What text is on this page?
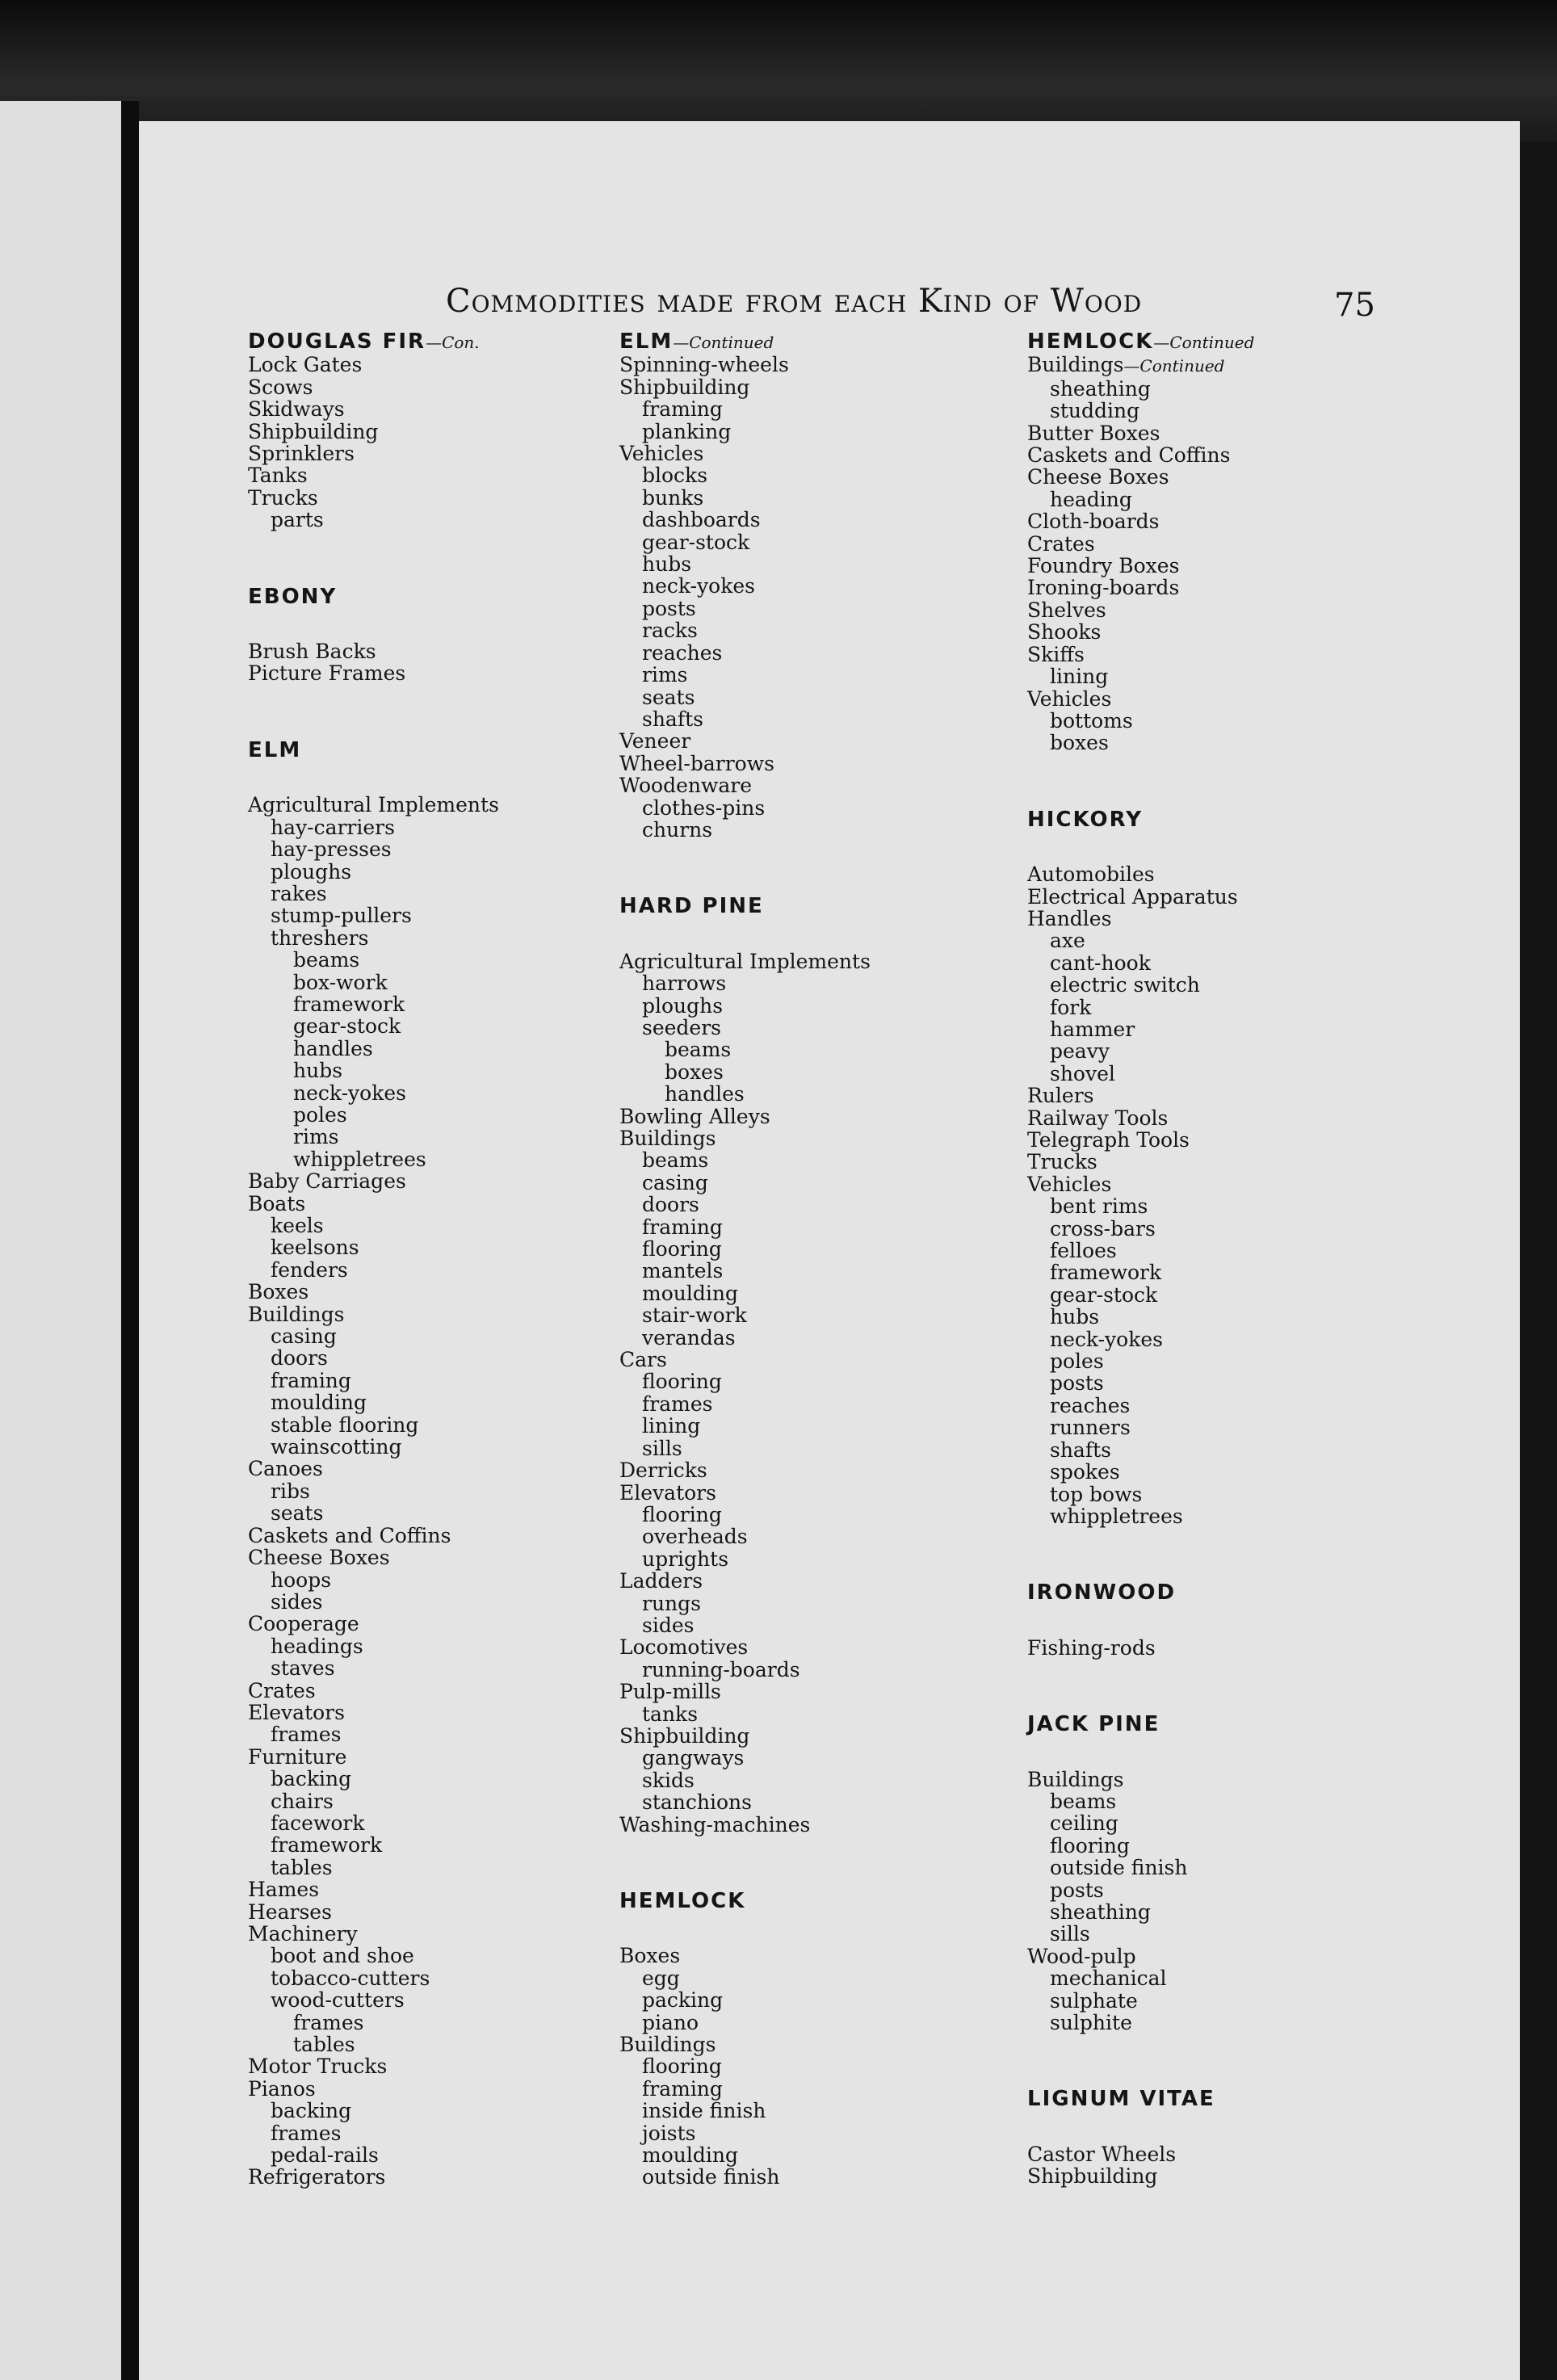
Commodities made from each Kind of Wood	75
DOUGLAS FIR—Con.
Lock Gates
Scows
Skidways
Shipbuilding
Sprinklers
Tanks
Trucks
parts
EBONY
Brush Backs
Picture Frames
ELM
Agricultural Implements
hay-carriers
hay-presses
ploughs
rakes
stump-pullers
threshers
beams
box-work
framework
gear-stock
handles
hubs
neck-yokes
poles
rims
whippletrees
Baby Carriages
Boats
keels
keelsons
fenders
Boxes
Buildings
casing
doors
framing
moulding
stable flooring
wainscotting
Canoes
ribs
seats
Caskets and Coffins
Cheese Boxes
hoops
sides
Cooperage
headings
staves
Crates
Elevators
frames
Furniture
backing
chairs
facework
framework
tables
Hames
Hearses
Machinery
boot and shoe
tobacco-cutters
wood-cutters
frames
tables
Motor Trucks
Pianos
backing
frames
pedal-rails
Refrigerators
ELM—Continued
Spinning-wheels
Shipbuilding
framing
planking
Vehicles
blocks
bunks
dashboards
gear-stock
hubs
neck-yokes
posts
racks
reaches
rims
seats
shafts
Veneer
Wheel-barrows
Woodenware
clothes-pins
churns
HARD PINE
Agricultural Implements
harrows
ploughs
seeders
beams
boxes
handles
Bowling Alleys
Buildings
beams
casing
doors
framing
flooring
mantels
moulding
stair-work
verandas
Cars
flooring
frames
lining
sills
Derricks
Elevators
flooring
overheads
uprights
Ladders
rungs
sides
Locomotives
running-boards
Pulp-mills
tanks
Shipbuilding
gangways
skids
stanchions
Washing-machines
HEMLOCK
Boxes
egg
packing
piano
Buildings
flooring
framing
inside finish
joists
moulding
outside finish
HEMLOCK—Continued
Buildings—Continued
sheathing
studding
Butter Boxes
Caskets and Coffins
Cheese Boxes
heading
Cloth-boards
Crates
Foundry Boxes
Ironing-boards
Shelves
Shooks
Skiffs
lining
Vehicles
bottoms
boxes
HICKORY
Automobiles
Electrical Apparatus
Handles
axe
cant-hook
electric switch
fork
hammer
peavy
shovel
Rulers
Railway Tools
Telegraph Tools
Trucks
Vehicles
bent rims
cross-bars
felloes
framework
gear-stock
hubs
neck-yokes
poles
posts
reaches
runners
shafts
spokes
top bows
whippletrees
IRONWOOD
Fishing-rods
JACK PINE
Buildings
beams
ceiling
flooring
outside finish
posts
sheathing
sills
Wood-pulp
mechanical
sulphate
sulphite
LIGNUM VITAE
Castor Wheels
Shipbuilding
